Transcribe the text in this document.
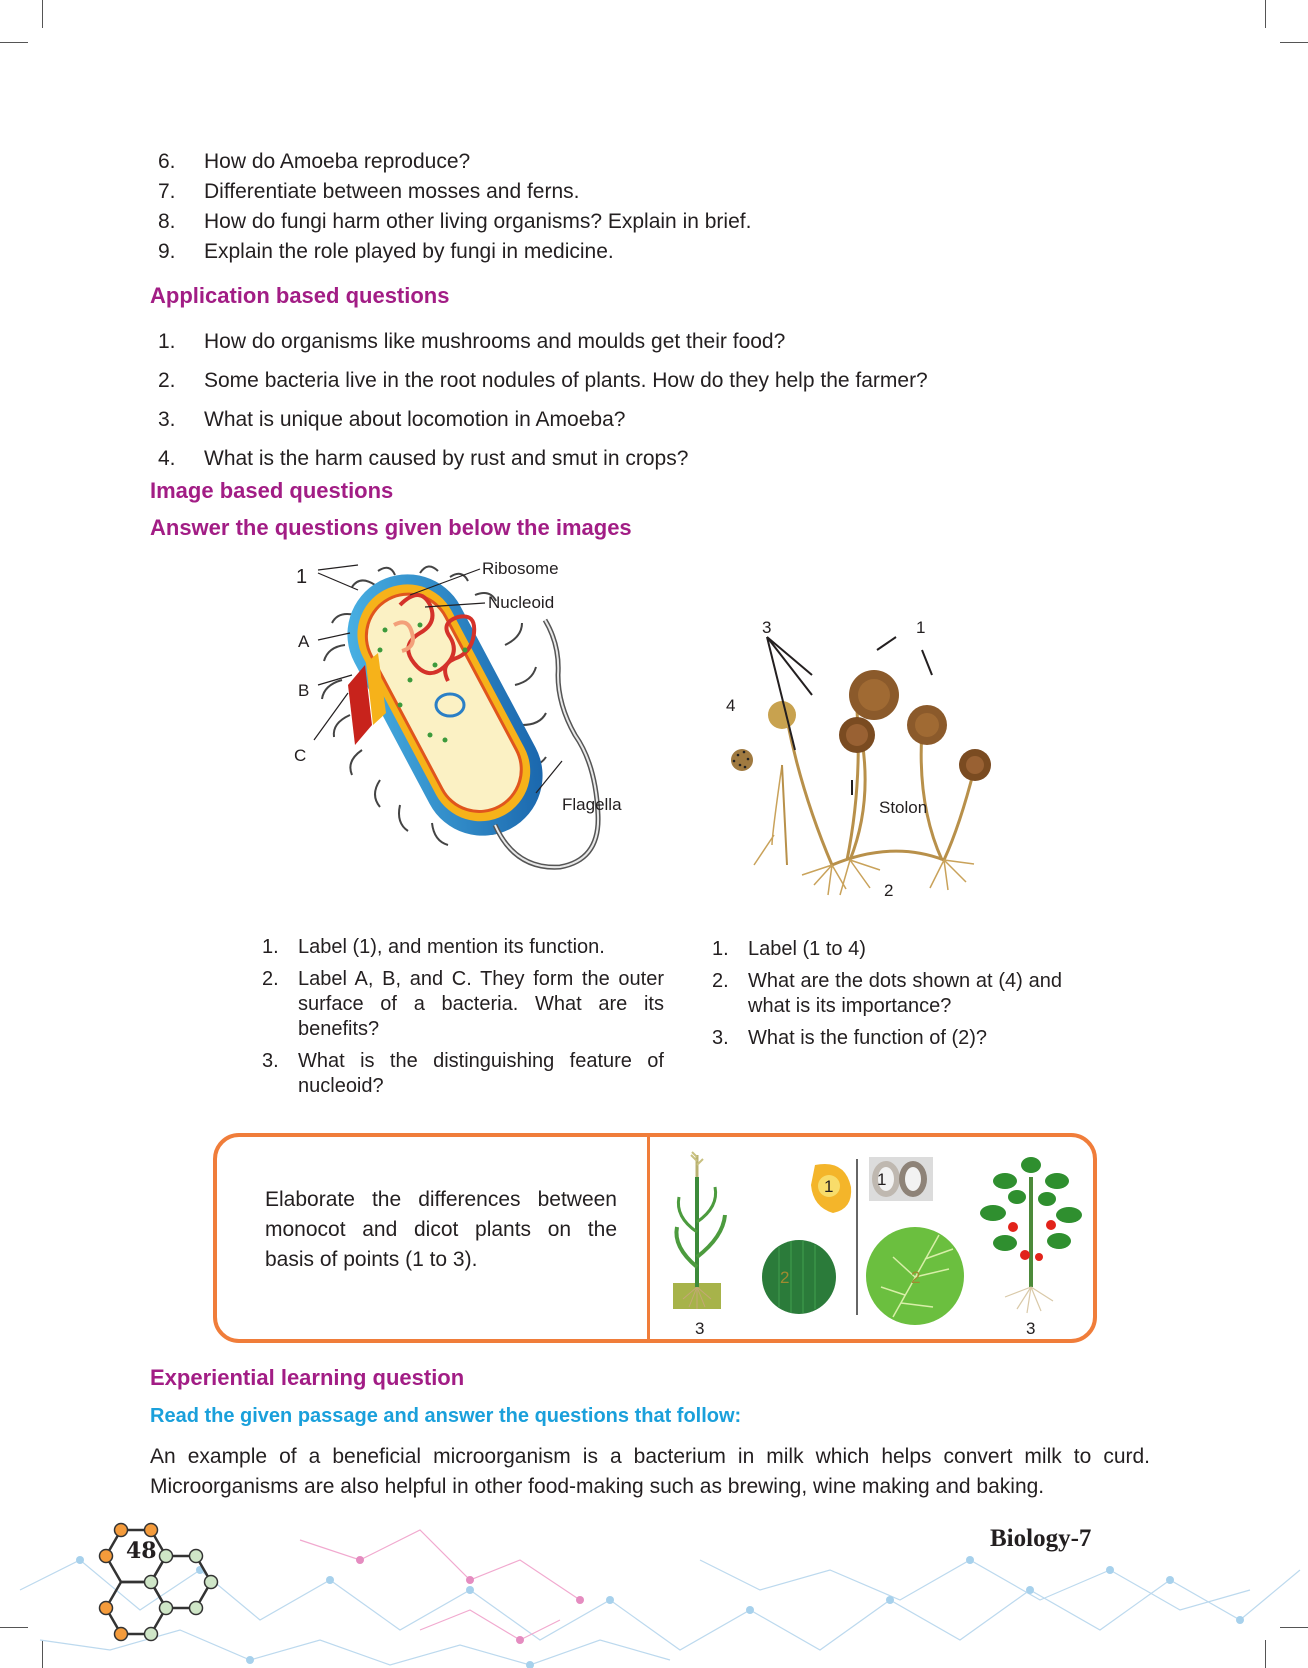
6. How do Amoeba reproduce?
7. Differentiate between mosses and ferns.
8. How do fungi harm other living organisms? Explain in brief.
9. Explain the role played by fungi in medicine.
Application based questions
1. How do organisms like mushrooms and moulds get their food?
2. Some bacteria live in the root nodules of plants. How do they help the farmer?
3. What is unique about locomotion in Amoeba?
4. What is the harm caused by rust and smut in crops?
Image based questions
Answer the questions given below the images
1	Ribosome
Nucleoid
A
B
C
Flagella
3	1
4
Stolon
2
1. Label (1), and mention its function.
2. Label A, B, and C. They form the outer surface of a bacteria. What are its benefits?
3. What is the distinguishing feature of nucleoid?
1. Label (1 to 4)
2. What are the dots shown at (4) and what is its importance?
3. What is the function of (2)?
Elaborate the differences between monocot and dicot plants on the basis of points (1 to 3).
3
1
2
1
2
3
Experiential learning question
Read the given passage and answer the questions that follow:

An example of a beneficial microorganism is a bacterium in milk which helps convert milk to curd. Microorganisms are also helpful in other food-making such as brewing, wine making and baking.

48	Biology-7
